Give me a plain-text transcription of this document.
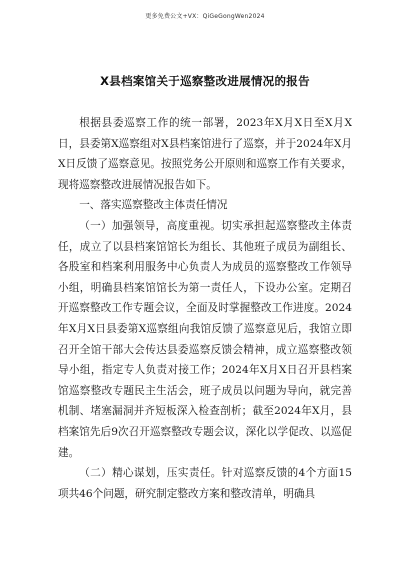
更多免费公文+VX：QiGeGongWen2024
X县档案馆关于巡察整改进展情况的报告

根据县委巡察工作的统一部署，2023年X月X日至X月X日，县委第X巡察组对X县档案馆进行了巡察，并于2024年X月X日反馈了巡察意见。按照党务公开原则和巡察工作有关要求，现将巡察整改进展情况报告如下。

一、落实巡察整改主体责任情况

（一）加强领导，高度重视。切实承担起巡察整改主体责任，成立了以县档案馆馆长为组长、其他班子成员为副组长、各股室和档案利用服务中心负责人为成员的巡察整改工作领导小组，明确县档案馆馆长为第一责任人，下设办公室。定期召开巡察整改工作专题会议，全面及时掌握整改工作进度。2024年X月X日县委第X巡察组向我馆反馈了巡察意见后，我馆立即召开全馆干部大会传达县委巡察反馈会精神，成立巡察整改领导小组，指定专人负责对接工作；2024年X月X日召开县档案馆巡察整改专题民主生活会，班子成员以问题为导向，就完善机制、堵塞漏洞并齐短板深入检查剖析；截至2024年X月，县档案馆先后9次召开巡察整改专题会议，深化以学促改、以巡促建。

（二）精心谋划，压实责任。针对巡察反馈的4个方面15项共46个问题，研究制定整改方案和整改清单，明确具
